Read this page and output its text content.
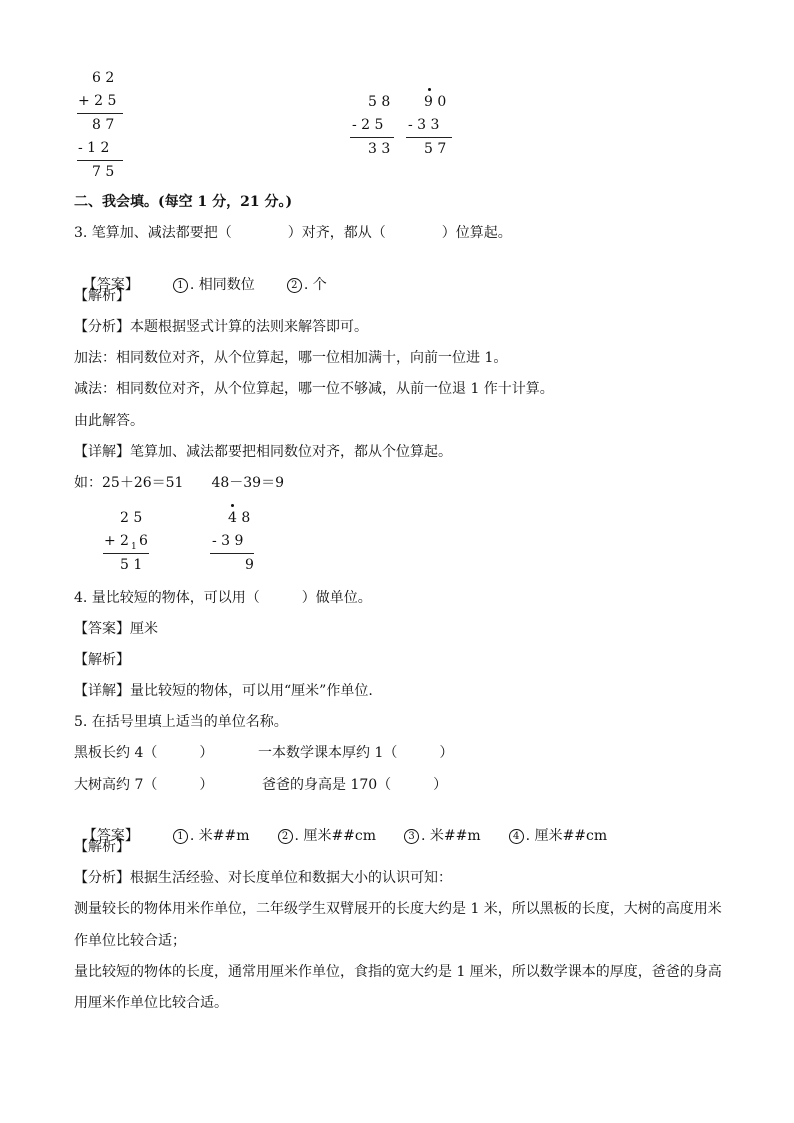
6 2
+ 2 5
8 7
- 1 2
7 5
5 8
- 2 5
3 3
9 0
- 3 3
5 7
二、我会填。(每空 1 分，21 分。)
3. 笔算加、减法都要把（　　　　）对齐，都从（　　　　）位算起。

【答案】	1 . 相同数位	2 . 个

【解析】
【分析】本题根据竖式计算的法则来解答即可。
加法：相同数位对齐，从个位算起，哪一位相加满十，向前一位进 1。
减法：相同数位对齐，从个位算起，哪一位不够减，从前一位退 1 作十计算。
由此解答。
【详解】笔算加、减法都要把相同数位对齐，都从个位算起。
如：25＋26＝51　　48－39＝9
2 5
+ 2 1 6
5 1
4 8
- 3 9
9
4. 量比较短的物体，可以用（　　　）做单位。
【答案】厘米
【解析】
【详解】量比较短的物体，可以用“厘米”作单位.
5. 在括号里填上适当的单位名称。
黑板长约 4（　　　）	一本数学课本厚约 1（　　　）
大树高约 7（　　　）	爸爸的身高是 170（　　　）

【答案】	1 . 米##m	2 . 厘米##cm	3 . 米##m	4 . 厘米##cm

【解析】
【分析】根据生活经验、对长度单位和数据大小的认识可知：
测量较长的物体用米作单位，二年级学生双臂展开的长度大约是 1 米，所以黑板的长度，大树的高度用米
作单位比较合适；
量比较短的物体的长度，通常用厘米作单位，食指的宽大约是 1 厘米，所以数学课本的厚度，爸爸的身高
用厘米作单位比较合适。
